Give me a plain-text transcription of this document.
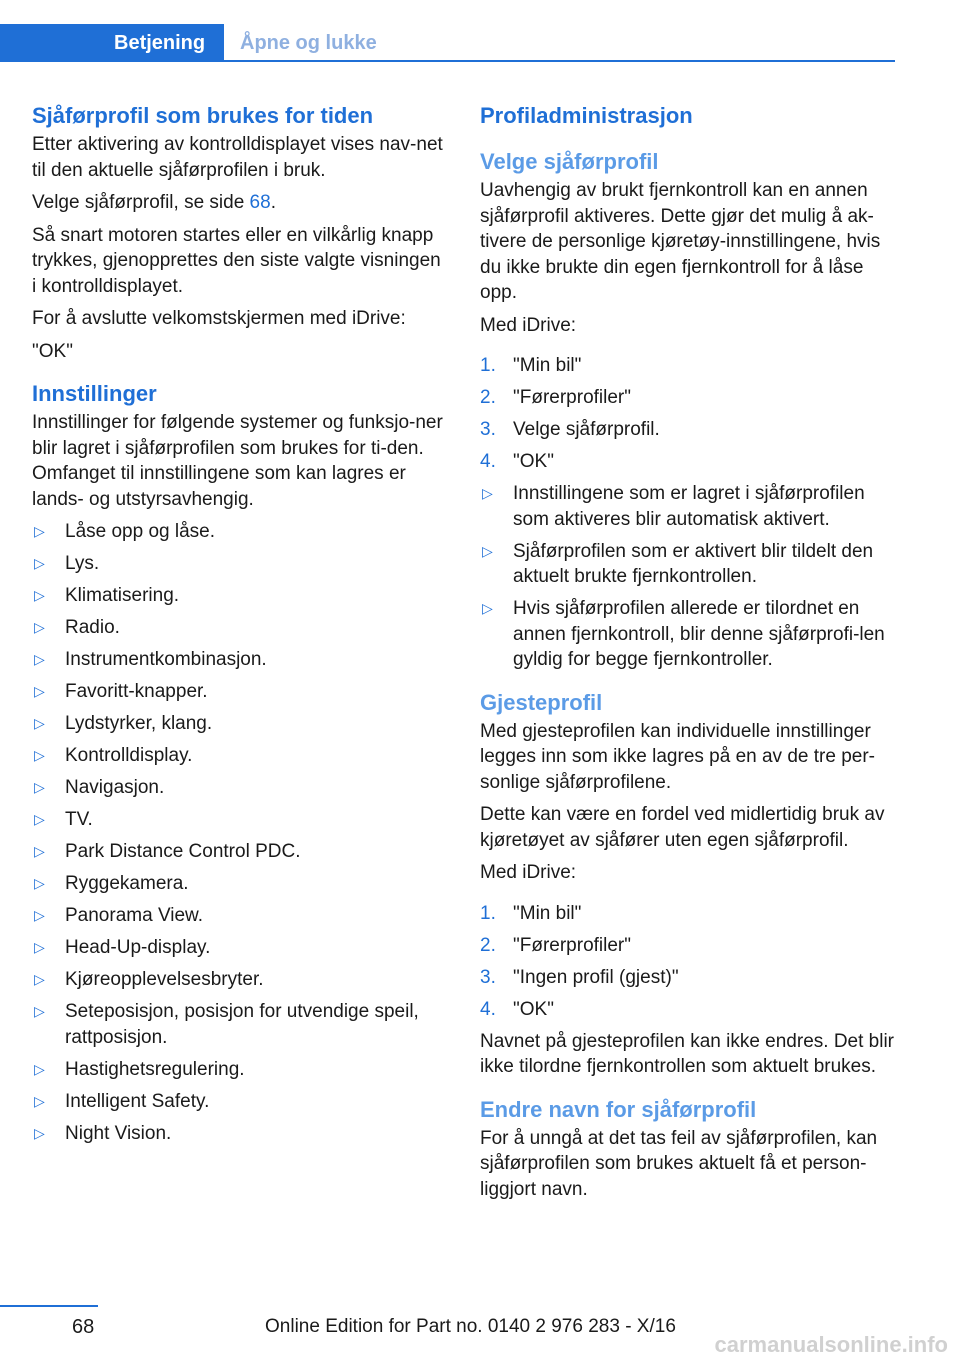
Betjening	Åpne og lukke
Sjåførprofil som brukes for tiden

Etter aktivering av kontrolldisplayet vises nav-net til den aktuelle sjåførprofilen i bruk.

Velge sjåførprofil, se side 68.

Så snart motoren startes eller en vilkårlig knapp trykkes, gjenopprettes den siste valgte visningen i kontrolldisplayet.

For å avslutte velkomstskjermen med iDrive:

"OK"

Innstillinger

Innstillinger for følgende systemer og funksjo-ner blir lagret i sjåførprofilen som brukes for ti-den. Omfanget til innstillingene som kan lagres er lands- og utstyrsavhengig.

▷ Låse opp og låse.
▷ Lys.
▷ Klimatisering.
▷ Radio.
▷ Instrumentkombinasjon.
▷ Favoritt-knapper.
▷ Lydstyrker, klang.
▷ Kontrolldisplay.
▷ Navigasjon.
▷ TV.
▷ Park Distance Control PDC.
▷ Ryggekamera.
▷ Panorama View.
▷ Head-Up-display.
▷ Kjøreopplevelsesbryter.
▷ Seteposisjon, posisjon for utvendige speil, rattposisjon.
▷ Hastighetsregulering.
▷ Intelligent Safety.
▷ Night Vision.
Profiladministrasjon
Velge sjåførprofil

Uavhengig av brukt fjernkontroll kan en annen sjåførprofil aktiveres. Dette gjør det mulig å ak-tivere de personlige kjøretøy-innstillingene, hvis du ikke brukte din egen fjernkontroll for å låse opp.

Med iDrive:

1. "Min bil"
2. "Førerprofiler"
3. Velge sjåførprofil.
4. "OK"
▷ Innstillingene som er lagret i sjåførprofilen som aktiveres blir automatisk aktivert.
▷ Sjåførprofilen som er aktivert blir tildelt den aktuelt brukte fjernkontrollen.
▷ Hvis sjåførprofilen allerede er tilordnet en annen fjernkontroll, blir denne sjåførprofi-len gyldig for begge fjernkontroller.
Gjesteprofil

Med gjesteprofilen kan individuelle innstillinger legges inn som ikke lagres på en av de tre per-sonlige sjåførprofilene.

Dette kan være en fordel ved midlertidig bruk av kjøretøyet av sjåfører uten egen sjåførprofil.

Med iDrive:

1. "Min bil"
2. "Førerprofiler"
3. "Ingen profil (gjest)"
4. "OK"

Navnet på gjesteprofilen kan ikke endres. Det blir ikke tilordne fjernkontrollen som aktuelt brukes.

Endre navn for sjåførprofil

For å unngå at det tas feil av sjåførprofilen, kan sjåførprofilen som brukes aktuelt få et person-liggjort navn.

68	Online Edition for Part no. 0140 2 976 283 - X/16
carmanualsonline.info
